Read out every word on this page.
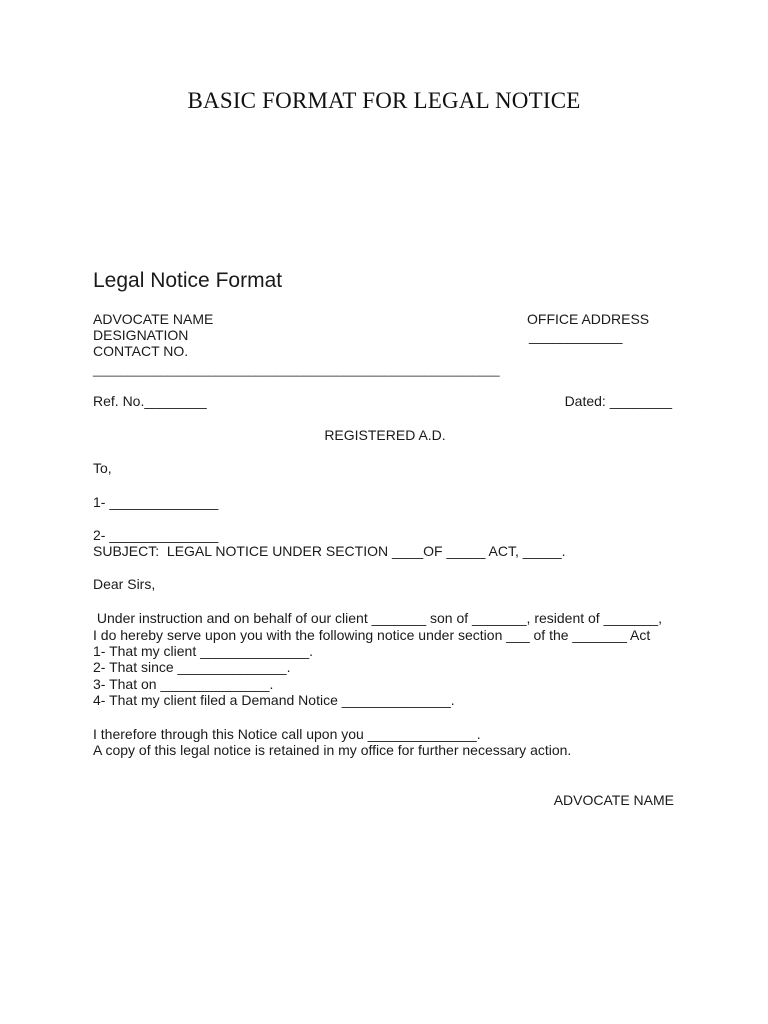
BASIC FORMAT FOR LEGAL NOTICE
Legal Notice Format
ADVOCATE NAME
DESIGNATION
CONTACT NO.
OFFICE ADDRESS
____________
____________________________________________________________
Ref. No.________	Dated: ________
REGISTERED A.D.
To,
1- ______________
2- ______________
SUBJECT:  LEGAL NOTICE UNDER SECTION ____OF _____ ACT, _____.
Dear Sirs,
Under instruction and on behalf of our client _______ son of _______, resident of _______,
I do hereby serve upon you with the following notice under section ___ of the _______ Act
1- That my client ______________.
2- That since ______________.
3- That on ______________.
4- That my client filed a Demand Notice ______________.
I therefore through this Notice call upon you ______________.
A copy of this legal notice is retained in my office for further necessary action.
ADVOCATE NAME
